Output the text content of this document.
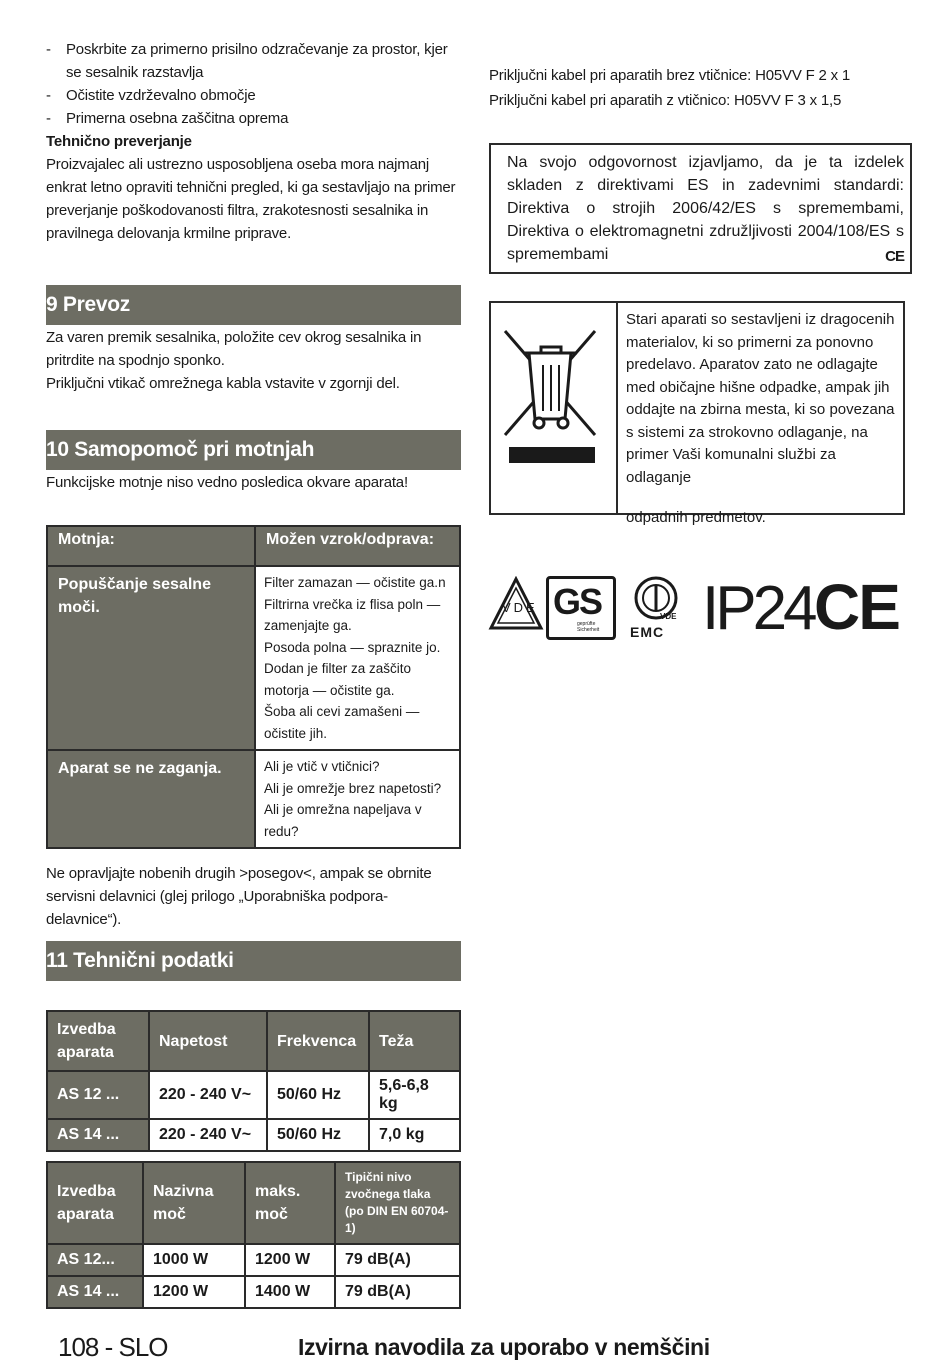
-	Poskrbite za primerno prisilno odzračevanje za prostor, kjer se sesalnik razstavlja
-	Očistite vzdrževalno območje
-	Primerna osebna zaščitna oprema
Tehnično preverjanje
Proizvajalec ali ustrezno usposobljena oseba mora najmanj enkrat letno opraviti tehnični pregled, ki ga sestavljajo na primer preverjanje poškodovanosti filtra, zrakotesnosti sesalnika in pravilnega delovanja krmilne priprave.
9 Prevoz
Za varen premik sesalnika, položite cev okrog sesalnika in pritrdite na spodnjo sponko.
Priključni vtikač omrežnega kabla vstavite v zgornji del.
10 Samopomoč pri motnjah
Funkcijske motnje niso vedno posledica okvare aparata!
Motnja:	Možen vzrok/odprava:
Popuščanje sesalne moči.	Filter zamazan — očistite ga.n
Filtrirna vrečka iz flisa poln — zamenjajte ga.
Posoda polna — spraznite jo.
Dodan je filter za zaščito motorja — očistite ga.
Šoba ali cevi zamašeni — očistite jih.

Aparat se ne zaganja.	Ali je vtič v vtičnici?
Ali je omrežje brez napetosti?
Ali je omrežna napeljava v redu?
Ne opravljajte nobenih drugih >posegov<, ampak se obrnite servisni delavnici (glej prilogo „Uporabniška podpora- delavnice“).
11 Tehnični podatki
Izvedba aparata	Napetost	Frekvenca	Teža
AS 12 ...	220 - 240 V~	50/60 Hz	5,6-6,8 kg
AS 14 ...	220 - 240 V~	50/60 Hz	7,0 kg
Izvedba aparata	Nazivna moč	maks. moč	Tipični nivo zvočnega tlaka (po DIN EN 60704-1)
AS 12...	1000 W	1200 W	79 dB(A)
AS 14 ...	1200 W	1400 W	79 dB(A)
Priključni kabel pri aparatih brez vtičnice: H05VV F 2 x 1
Priključni kabel pri aparatih z vtičnico: H05VV F 3 x 1,5
Na svojo odgovornost izjavljamo, da je ta izdelek skladen z direktivami ES in zadevnimi standardi: Direktiva o strojih 2006/42/ES s spremembami, Direktiva o elektromagnetni združljivosti 2004/108/ES s spremembami	CE
Stari aparati so sestavljeni iz dragocenih materialov, ki so primerni za ponovno predelavo. Aparatov zato ne odlagajte med običajne hišne odpadke, ampak jih oddajte na zbirna mesta, ki so povezana s sistemi za strokovno odlaganje, na primer Vaši komunalni službi za odlaganje
odpadnih predmetov.
VDE GS
geprüfte Sicherheit
VDE
EMC IP24 CE
108 - SLO	Izvirna navodila za uporabo v nemščini
